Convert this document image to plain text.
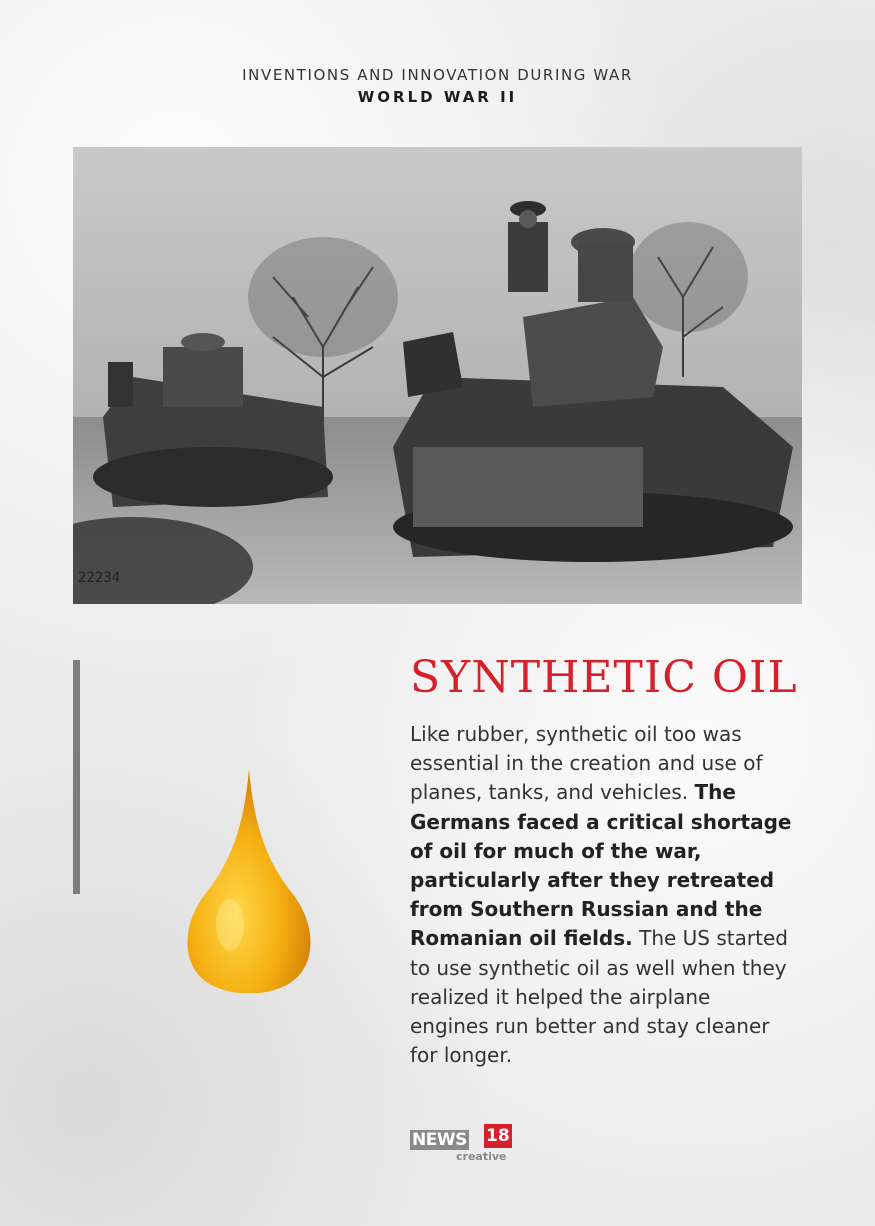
INVENTIONS AND INNOVATION DURING WAR
WORLD WAR II
22234
SYNTHETIC OIL
Like rubber, synthetic oil too was essential in the creation and use of planes, tanks, and vehicles. The Germans faced a critical shortage of oil for much of the war, particularly after they retreated from Southern Russian and the Romanian oil fields. The US started to use synthetic oil as well when they realized it helped the airplane engines run better and stay cleaner for longer.
NEWS 18
creative
